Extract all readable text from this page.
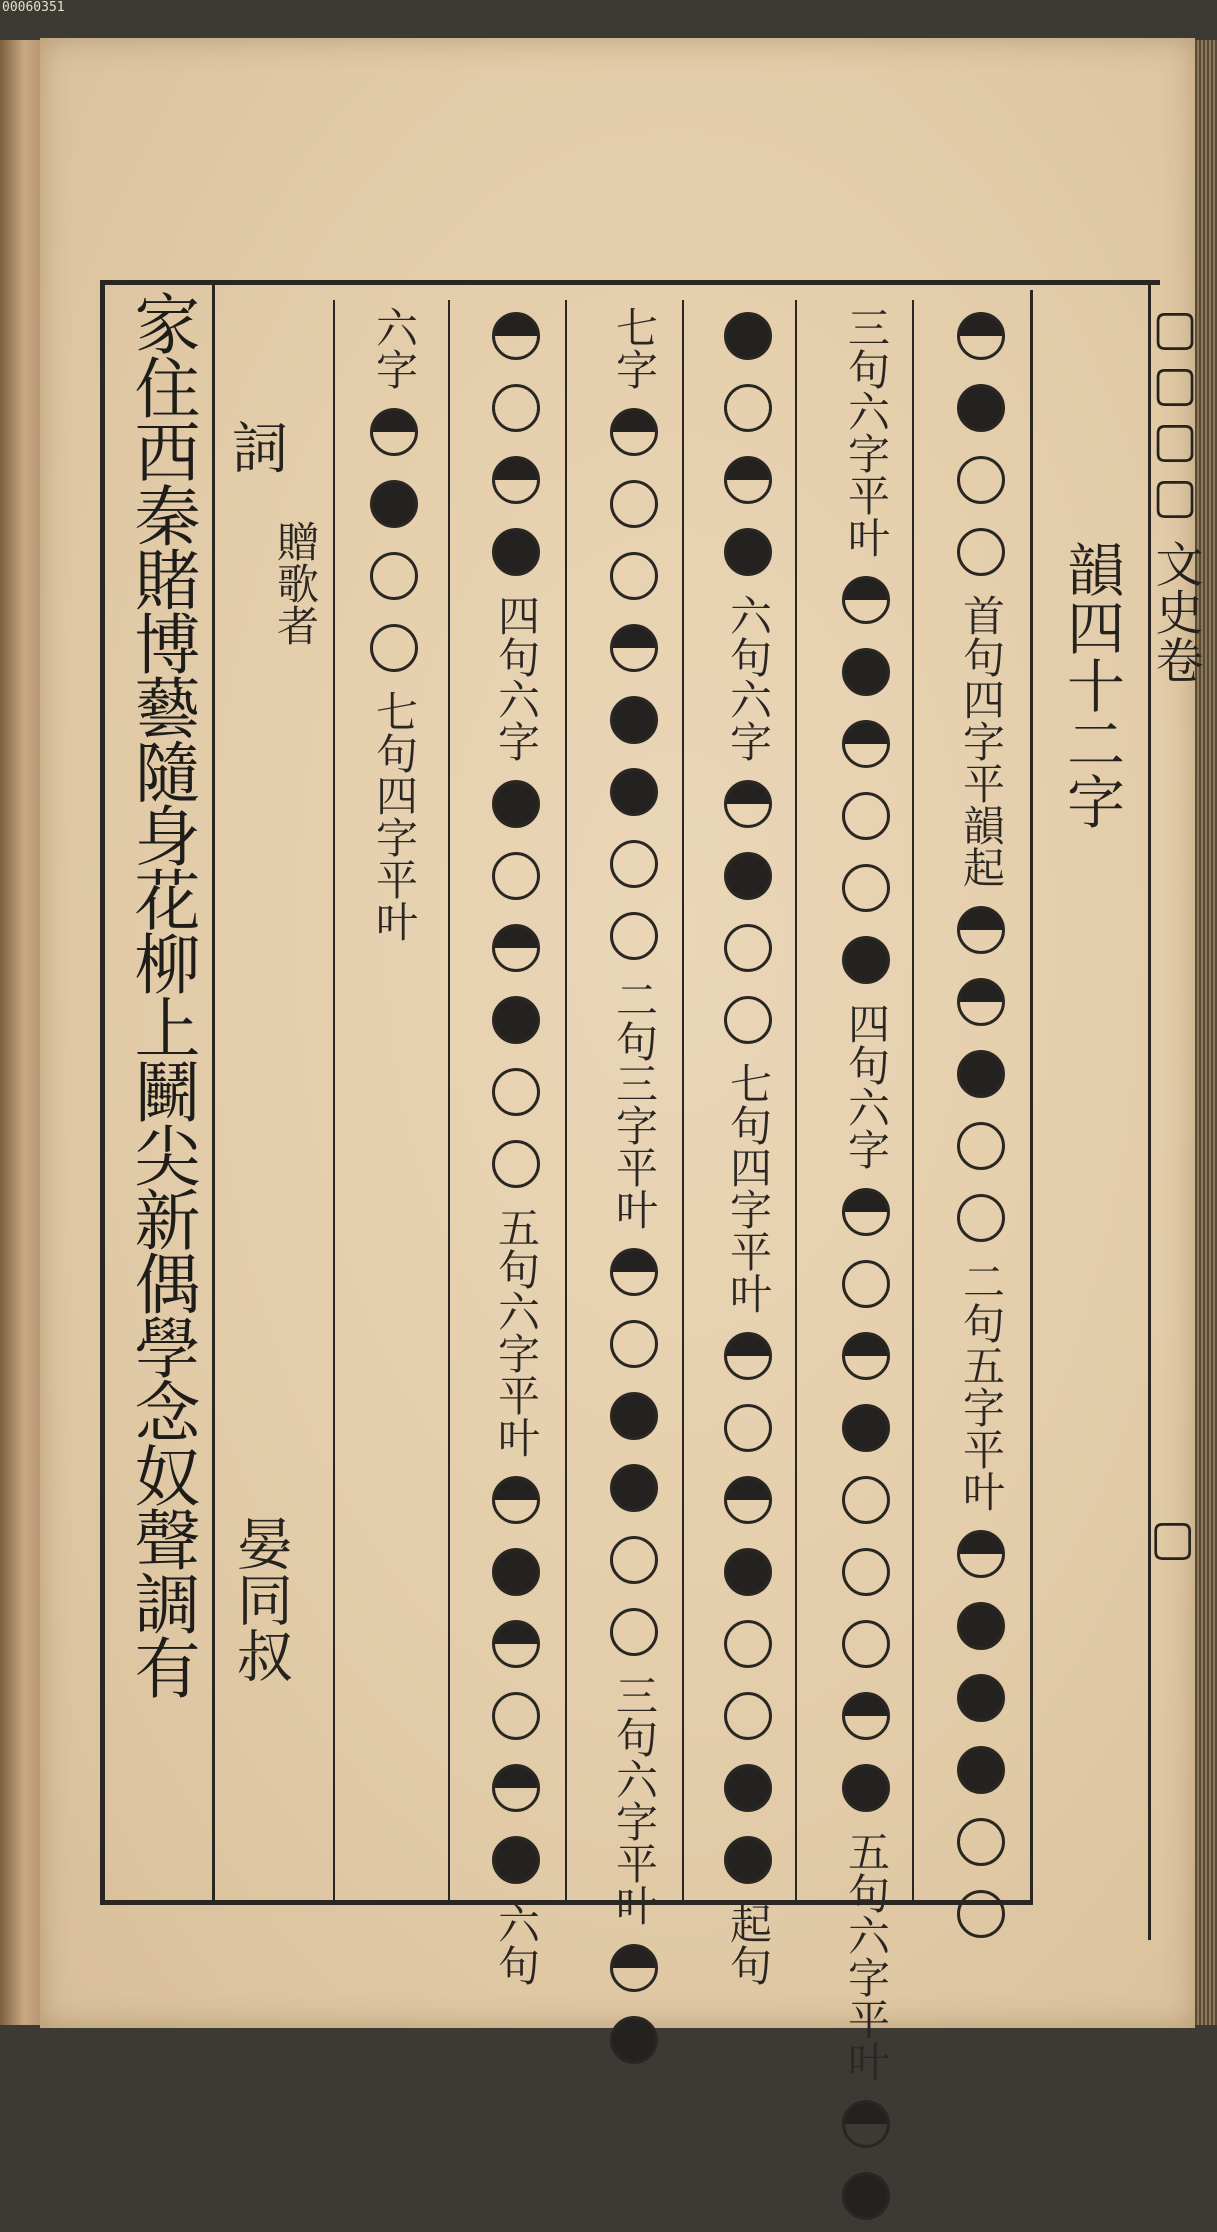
00060351
▢▢▢▢ 文史卷
▢
韻四十二字
首句四字平韻起
二句五字平叶
三句六字平叶
四句六字
五句六字平叶
六句六字
七句四字平叶
起句
七字
二句三字平叶
三句六字平叶
四句六字
五句六字平叶
六句
六字
七句四字平叶
詞
贈歌者
晏同叔
家住西秦賭博藝隨身花柳上鬭尖新偶學念奴聲調有
